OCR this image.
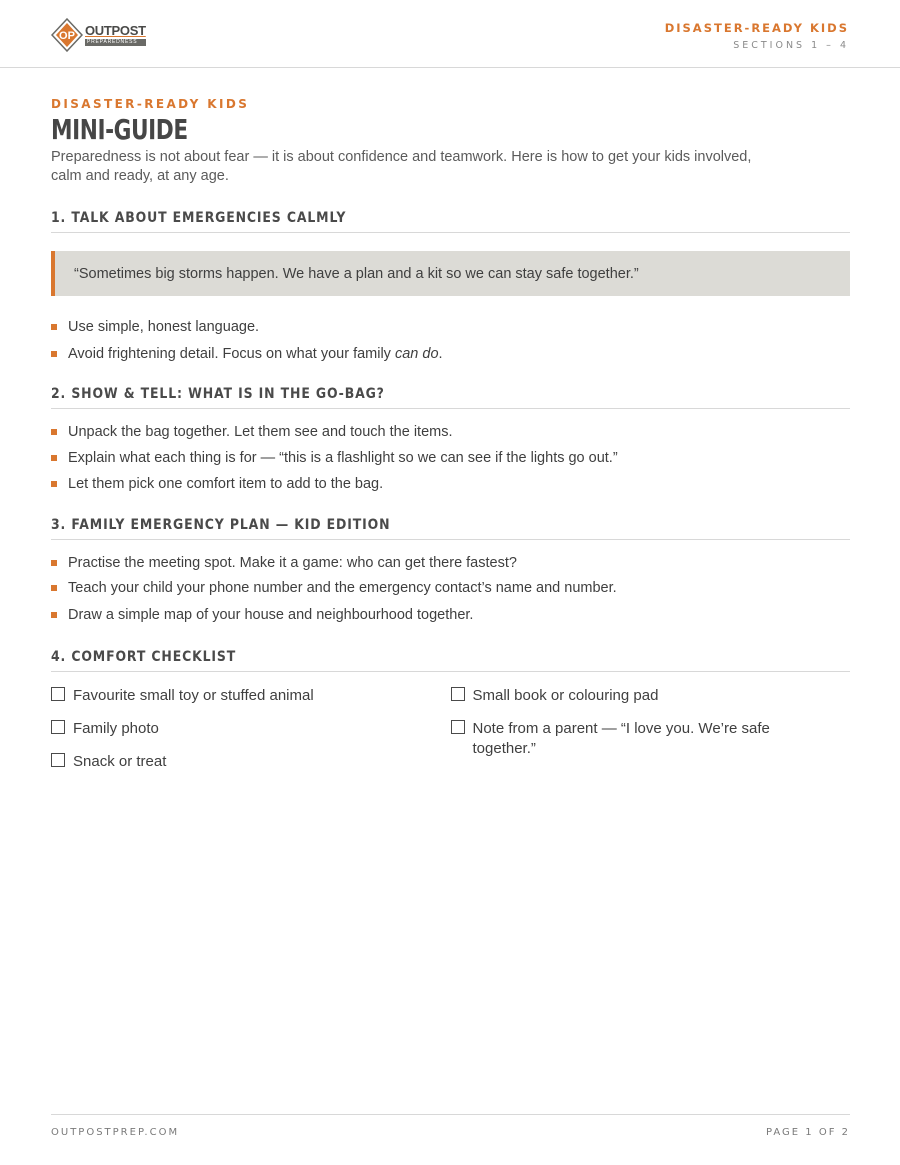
OP OUTPOST
PREPAREDNESS
DISASTER-READY KIDS
SECTIONS 1 – 4
DISASTER-READY KIDS
MINI-GUIDE
Preparedness is not about fear — it is about confidence and teamwork. Here is how to get your kids involved, calm and ready, at any age.
1. TALK ABOUT EMERGENCIES CALMLY
“Sometimes big storms happen. We have a plan and a kit so we can stay safe together.”
Use simple, honest language.
Avoid frightening detail. Focus on what your family can do.
2. SHOW & TELL: WHAT IS IN THE GO-BAG?
Unpack the bag together. Let them see and touch the items.
Explain what each thing is for — “this is a flashlight so we can see if the lights go out.”
Let them pick one comfort item to add to the bag.
3. FAMILY EMERGENCY PLAN — KID EDITION
Practise the meeting spot. Make it a game: who can get there fastest?
Teach your child your phone number and the emergency contact’s name and number.
Draw a simple map of your house and neighbourhood together.
4. COMFORT CHECKLIST
Favourite small toy or stuffed animal
Family photo
Snack or treat
Small book or colouring pad
Note from a parent — “I love you. We’re safe together.”
OUTPOSTPREP.COM	PAGE 1 OF 2
